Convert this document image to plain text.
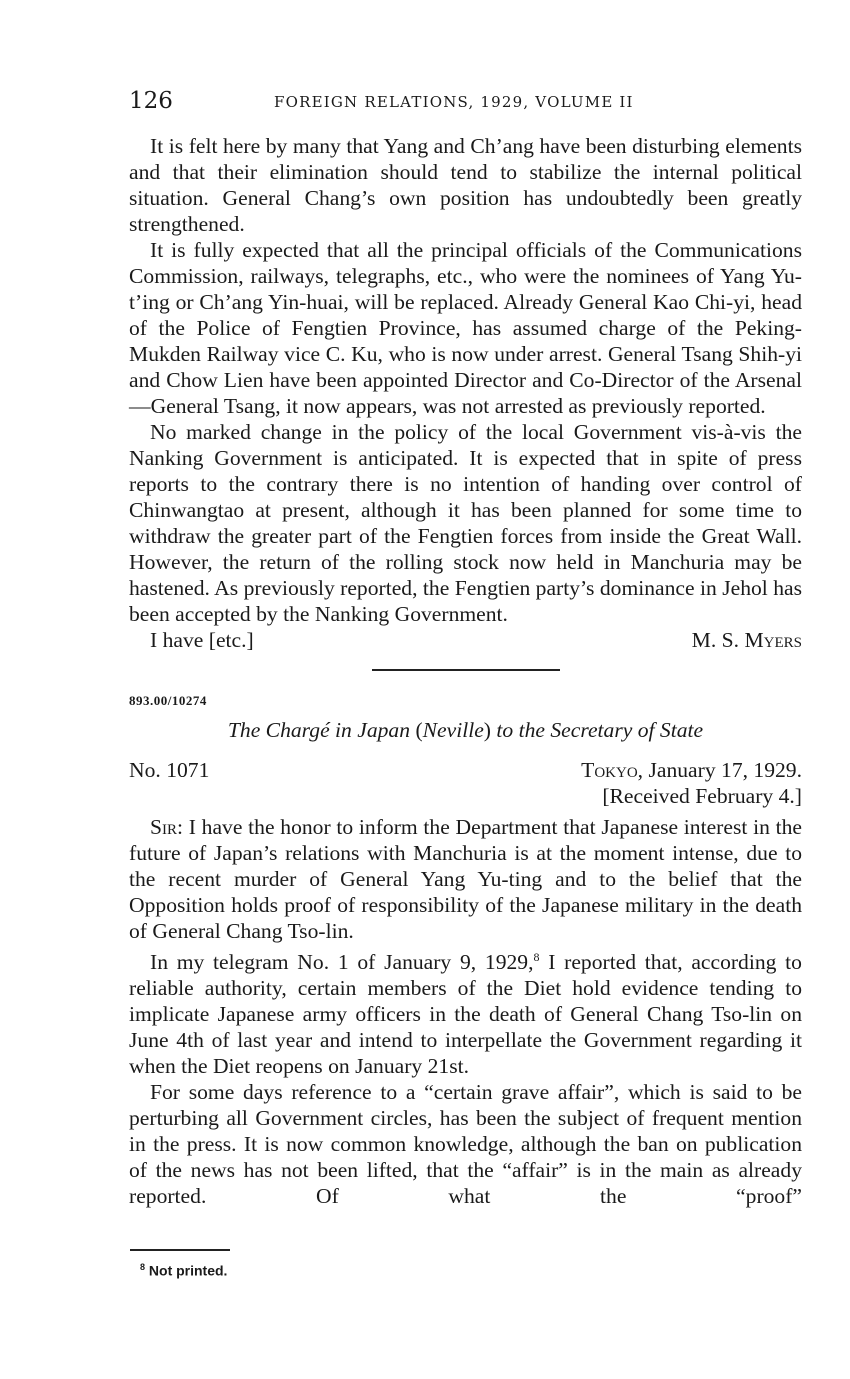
126	FOREIGN RELATIONS, 1929, VOLUME II

It is felt here by many that Yang and Ch’ang have been disturbing elements and that their elimination should tend to stabilize the internal political situation. General Chang’s own position has undoubtedly been greatly strengthened.

It is fully expected that all the principal officials of the Communications Commission, railways, telegraphs, etc., who were the nominees of Yang Yu-t’ing or Ch’ang Yin-huai, will be replaced. Already General Kao Chi-yi, head of the Police of Fengtien Province, has assumed charge of the Peking-Mukden Railway vice C. Ku, who is now under arrest. General Tsang Shih-yi and Chow Lien have been appointed Director and Co-Director of the Arsenal—General Tsang, it now appears, was not arrested as previously reported.

No marked change in the policy of the local Government vis-à-vis the Nanking Government is anticipated. It is expected that in spite of press reports to the contrary there is no intention of handing over control of Chinwangtao at present, although it has been planned for some time to withdraw the greater part of the Fengtien forces from inside the Great Wall. However, the return of the rolling stock now held in Manchuria may be hastened. As previously reported, the Fengtien party’s dominance in Jehol has been accepted by the Nanking Government.

I have [etc.]	M. S. Myers
893.00/10274
The Chargé in Japan (Neville) to the Secretary of State
No. 1071	Tokyo, January 17, 1929.
[Received February 4.]

Sir: I have the honor to inform the Department that Japanese interest in the future of Japan’s relations with Manchuria is at the moment intense, due to the recent murder of General Yang Yu-ting and to the belief that the Opposition holds proof of responsibility of the Japanese military in the death of General Chang Tso-lin.

In my telegram No. 1 of January 9, 1929,$^8$ I reported that, according to reliable authority, certain members of the Diet hold evidence tending to implicate Japanese army officers in the death of General Chang Tso-lin on June 4th of last year and intend to interpellate the Government regarding it when the Diet reopens on January 21st.

For some days reference to a “certain grave affair”, which is said to be perturbing all Government circles, has been the subject of frequent mention in the press. It is now common knowledge, although the ban on publication of the news has not been lifted, that the “affair” is in the main as already reported. Of what the “proof”

$^8$ Not printed.
